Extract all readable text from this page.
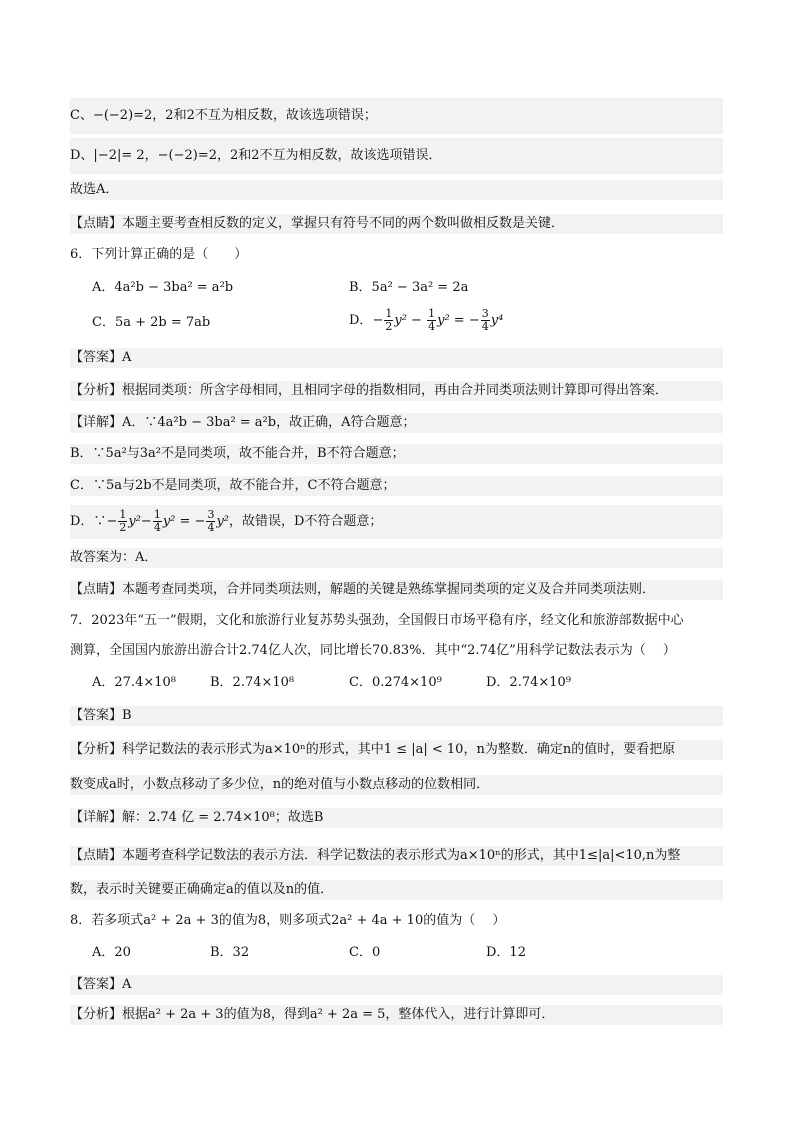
C、−(−2)=2，2和2不互为相反数，故该选项错误；
D、|−2|= 2，−(−2)=2，2和2不互为相反数，故该选项错误．
故选A．
【点睛】本题主要考查相反数的定义，掌握只有符号不同的两个数叫做相反数是关键．
6．下列计算正确的是（　　）
A．4a²b − 3ba² = a²b	B．5a² − 3a² = 2a
C．5a + 2b = 7ab	D．− $\frac{1}{2} y^2 - \frac{1}{4} y^2$ = − $\frac{3}{4} y^4$
【答案】A
【分析】根据同类项：所含字母相同，且相同字母的指数相同，再由合并同类项法则计算即可得出答案．
【详解】A．∵4a²b − 3ba² = a²b，故正确，A符合题意；
B．∵5a²与3a²不是同类项，故不能合并，B不符合题意；
C．∵5a与2b不是同类项，故不能合并，C不符合题意；
D．∵− $\frac{1}{2} y^2- \frac{1}{4} y^2$ = − $\frac{3}{4} y^2$，故错误，D不符合题意；
故答案为：A．
【点睛】本题考查同类项，合并同类项法则，解题的关键是熟练掌握同类项的定义及合并同类项法则．
7．2023年“五一”假期，文化和旅游行业复苏势头强劲，全国假日市场平稳有序，经文化和旅游部数据中心
测算，全国国内旅游出游合计2.74亿人次，同比增长70.83%．其中“2.74亿”用科学记数法表示为（　 ）
A．27.4×10⁸	B．2.74×10⁸	C．0.274×10⁹	D．2.74×10⁹
【答案】B
【分析】科学记数法的表示形式为a×10ⁿ的形式，其中1 ≤ |a| < 10，n为整数．确定n的值时，要看把原
数变成a时，小数点移动了多少位，n的绝对值与小数点移动的位数相同．
【详解】解：2.74 亿 = 2.74×10⁸；故选B
【点睛】本题考查科学记数法的表示方法．科学记数法的表示形式为a×10ⁿ的形式，其中1≤|a|<10,n为整
数，表示时关键要正确确定a的值以及n的值．
8．若多项式a² + 2a + 3的值为8，则多项式2a² + 4a + 10的值为（　 ）
A．20	B．32	C．0	D．12
【答案】A
【分析】根据a² + 2a + 3的值为8，得到a² + 2a = 5，整体代入，进行计算即可．
